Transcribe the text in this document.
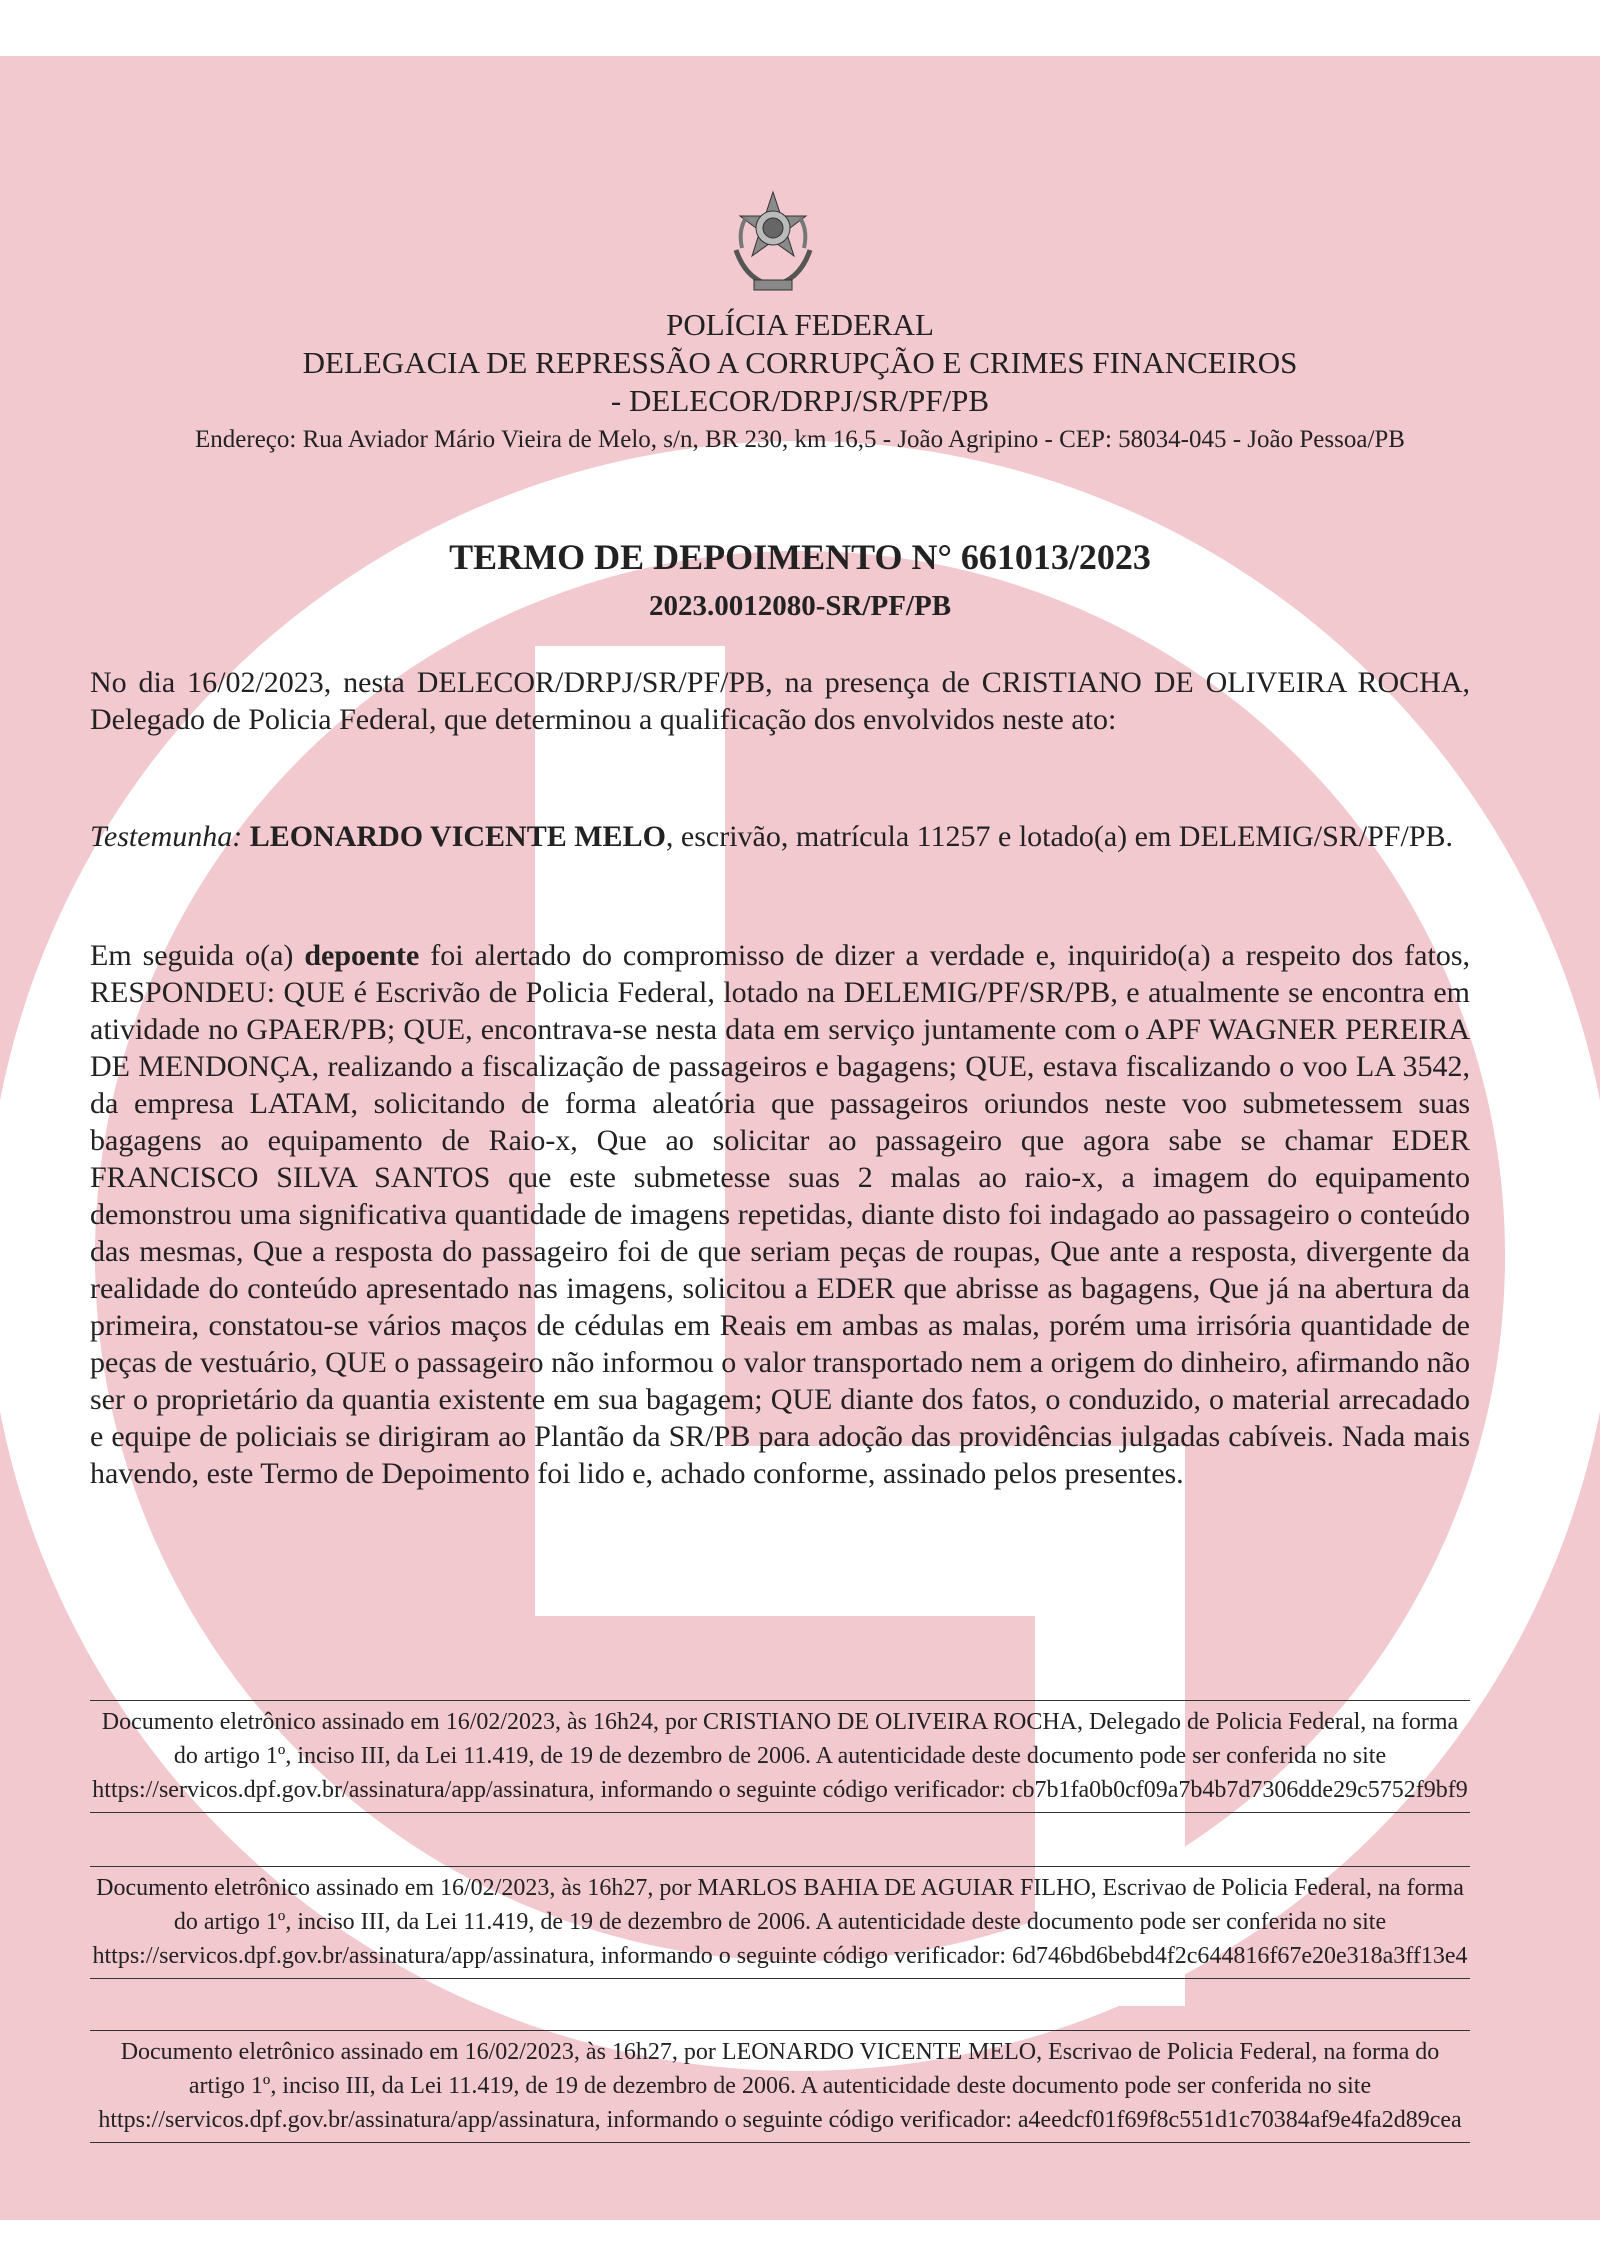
POLÍCIA FEDERAL
DELEGACIA DE REPRESSÃO A CORRUPÇÃO E CRIMES FINANCEIROS
- DELECOR/DRPJ/SR/PF/PB
Endereço: Rua Aviador Mário Vieira de Melo, s/n, BR 230, km 16,5 - João Agripino - CEP: 58034-045 - João Pessoa/PB
TERMO DE DEPOIMENTO N° 661013/2023
2023.0012080-SR/PF/PB
No dia 16/02/2023, nesta DELECOR/DRPJ/SR/PF/PB, na presença de CRISTIANO DE OLIVEIRA ROCHA, Delegado de Policia Federal, que determinou a qualificação dos envolvidos neste ato:
Testemunha: LEONARDO VICENTE MELO, escrivão, matrícula 11257 e lotado(a) em DELEMIG/SR/PF/PB.
Em seguida o(a) depoente foi alertado do compromisso de dizer a verdade e, inquirido(a) a respeito dos fatos, RESPONDEU: QUE é Escrivão de Policia Federal, lotado na DELEMIG/PF/SR/PB, e atualmente se encontra em atividade no GPAER/PB; QUE, encontrava-se nesta data em serviço juntamente com o APF WAGNER PEREIRA DE MENDONÇA, realizando a fiscalização de passageiros e bagagens; QUE, estava fiscalizando o voo LA 3542, da empresa LATAM, solicitando de forma aleatória que passageiros oriundos neste voo submetessem suas bagagens ao equipamento de Raio-x, Que ao solicitar ao passageiro que agora sabe se chamar EDER FRANCISCO SILVA SANTOS que este submetesse suas 2 malas ao raio-x, a imagem do equipamento demonstrou uma significativa quantidade de imagens repetidas, diante disto foi indagado ao passageiro o conteúdo das mesmas, Que a resposta do passageiro foi de que seriam peças de roupas, Que ante a resposta, divergente da realidade do conteúdo apresentado nas imagens, solicitou a EDER que abrisse as bagagens, Que já na abertura da primeira, constatou-se vários maços de cédulas em Reais em ambas as malas, porém uma irrisória quantidade de peças de vestuário, QUE o passageiro não informou o valor transportado nem a origem do dinheiro, afirmando não ser o proprietário da quantia existente em sua bagagem; QUE diante dos fatos, o conduzido, o material arrecadado e equipe de policiais se dirigiram ao Plantão da SR/PB para adoção das providências julgadas cabíveis. Nada mais havendo, este Termo de Depoimento foi lido e, achado conforme, assinado pelos presentes.
Documento eletrônico assinado em 16/02/2023, às 16h24, por CRISTIANO DE OLIVEIRA ROCHA, Delegado de Policia Federal, na forma do artigo 1º, inciso III, da Lei 11.419, de 19 de dezembro de 2006. A autenticidade deste documento pode ser conferida no site https://servicos.dpf.gov.br/assinatura/app/assinatura, informando o seguinte código verificador: cb7b1fa0b0cf09a7b4b7d7306dde29c5752f9bf9
Documento eletrônico assinado em 16/02/2023, às 16h27, por MARLOS BAHIA DE AGUIAR FILHO, Escrivao de Policia Federal, na forma do artigo 1º, inciso III, da Lei 11.419, de 19 de dezembro de 2006. A autenticidade deste documento pode ser conferida no site https://servicos.dpf.gov.br/assinatura/app/assinatura, informando o seguinte código verificador: 6d746bd6bebd4f2c644816f67e20e318a3ff13e4
Documento eletrônico assinado em 16/02/2023, às 16h27, por LEONARDO VICENTE MELO, Escrivao de Policia Federal, na forma do artigo 1º, inciso III, da Lei 11.419, de 19 de dezembro de 2006. A autenticidade deste documento pode ser conferida no site https://servicos.dpf.gov.br/assinatura/app/assinatura, informando o seguinte código verificador: a4eedcf01f69f8c551d1c70384af9e4fa2d89cea
